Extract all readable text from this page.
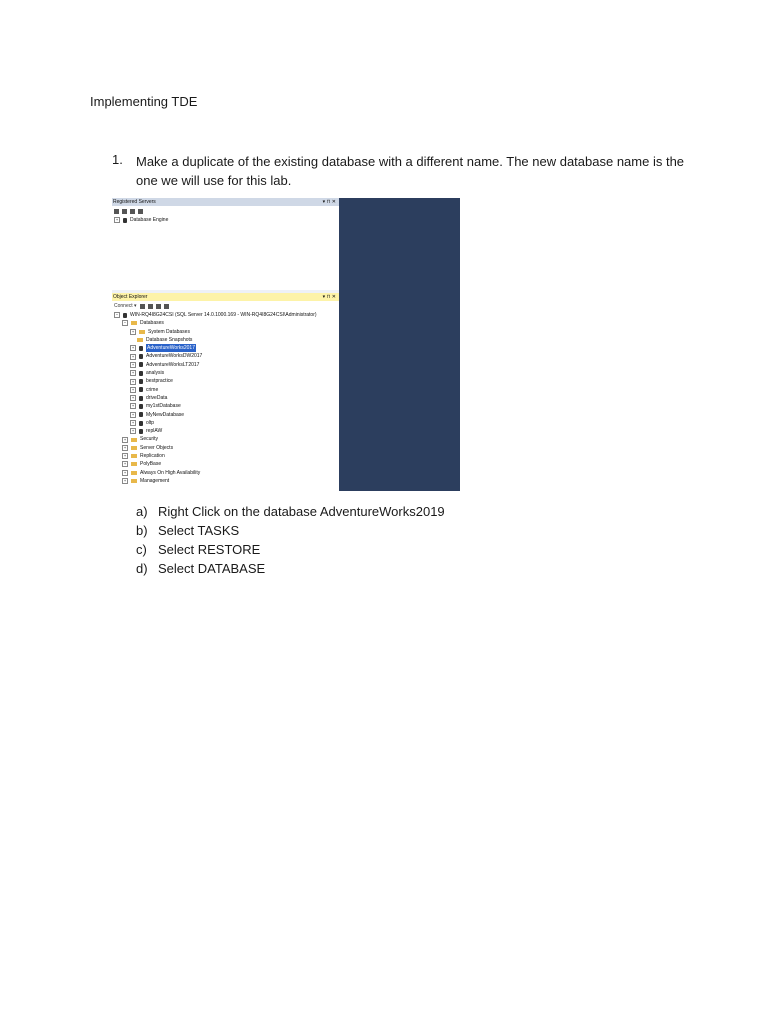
Implementing TDE
1. Make a duplicate of the existing database with a different name. The new database name is the one we will use for this lab.
Registered Servers	▾ ⊓ ✕
+	Database Engine
Object Explorer	▾ ⊓ ✕
Connect ▾
−	WIN-RQ4I8G24CSI (SQL Server 14.0.1000.169 - WIN-RQ4I8G24CSI\Administrator)
−	Databases
+	System Databases
Database Snapshots
+	AdventureWorks2017
+	AdventureWorksDW2017
+	AdventureWorksLT2017
+	analysis
+	bestpractice
+	crime
+	driveData
+	my1stDatabase
+	MyNewDatabase
+	oltp
+	replAW
+	Security
+	Server Objects
+	Replication
+	PolyBase
+	Always On High Availability
+	Management
a) Right Click on the database AdventureWorks2019
b) Select TASKS
c) Select RESTORE
d) Select DATABASE
